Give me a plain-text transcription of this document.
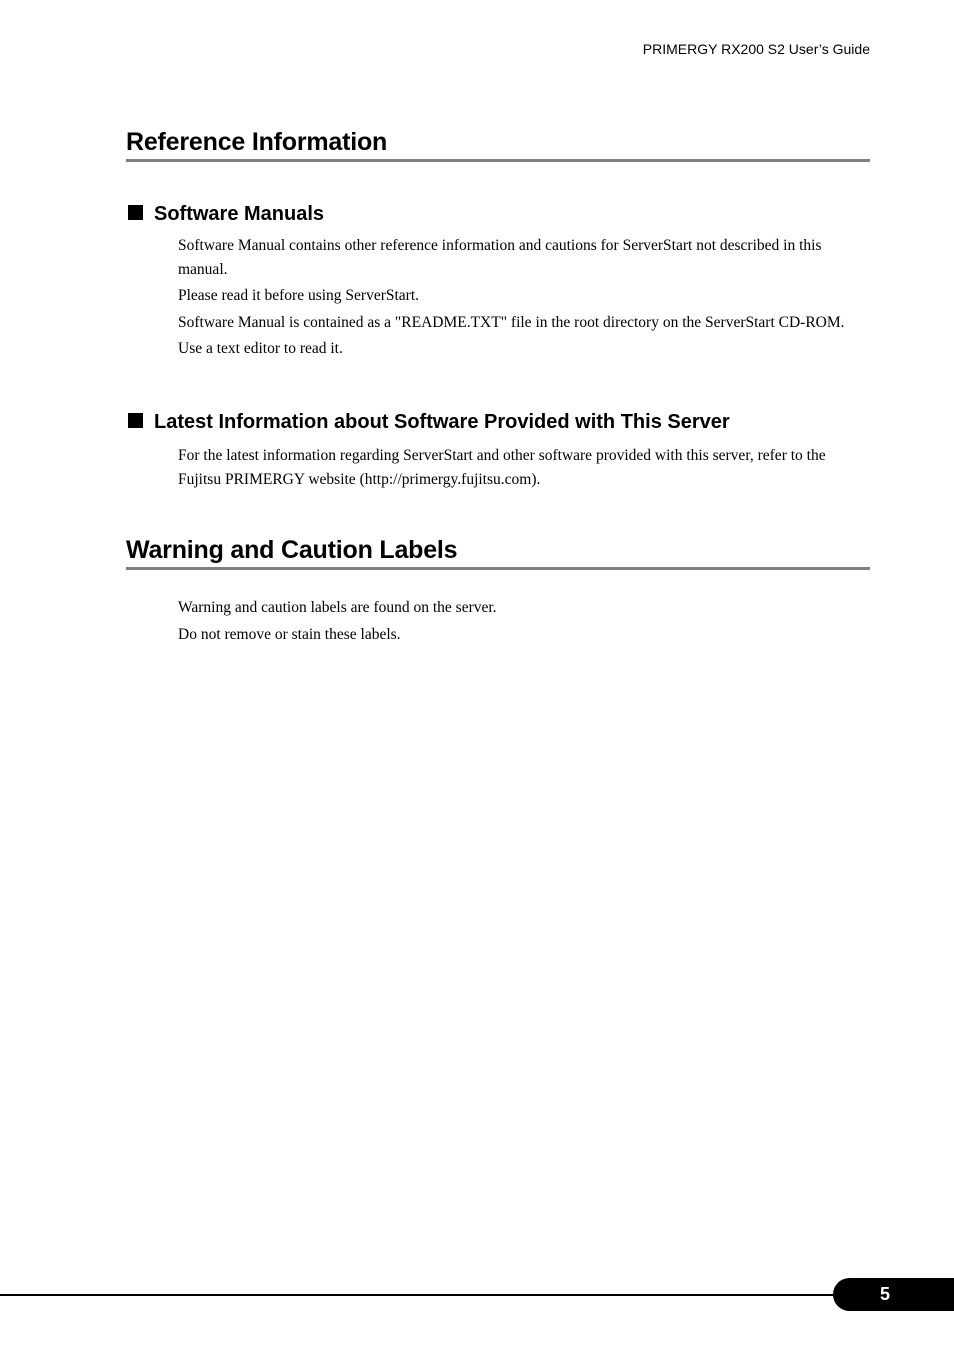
PRIMERGY RX200 S2 User’s Guide
Reference Information
Software Manuals

Software Manual contains other reference information and cautions for ServerStart not described in this manual.

Please read it before using ServerStart.

Software Manual is contained as a "README.TXT" file in the root directory on the ServerStart CD-ROM.

Use a text editor to read it.

Latest Information about Software Provided with This Server

For the latest information regarding ServerStart and other software provided with this server, refer to the Fujitsu PRIMERGY website (http://primergy.fujitsu.com).

Warning and Caution Labels

Warning and caution labels are found on the server.

Do not remove or stain these labels.

5
